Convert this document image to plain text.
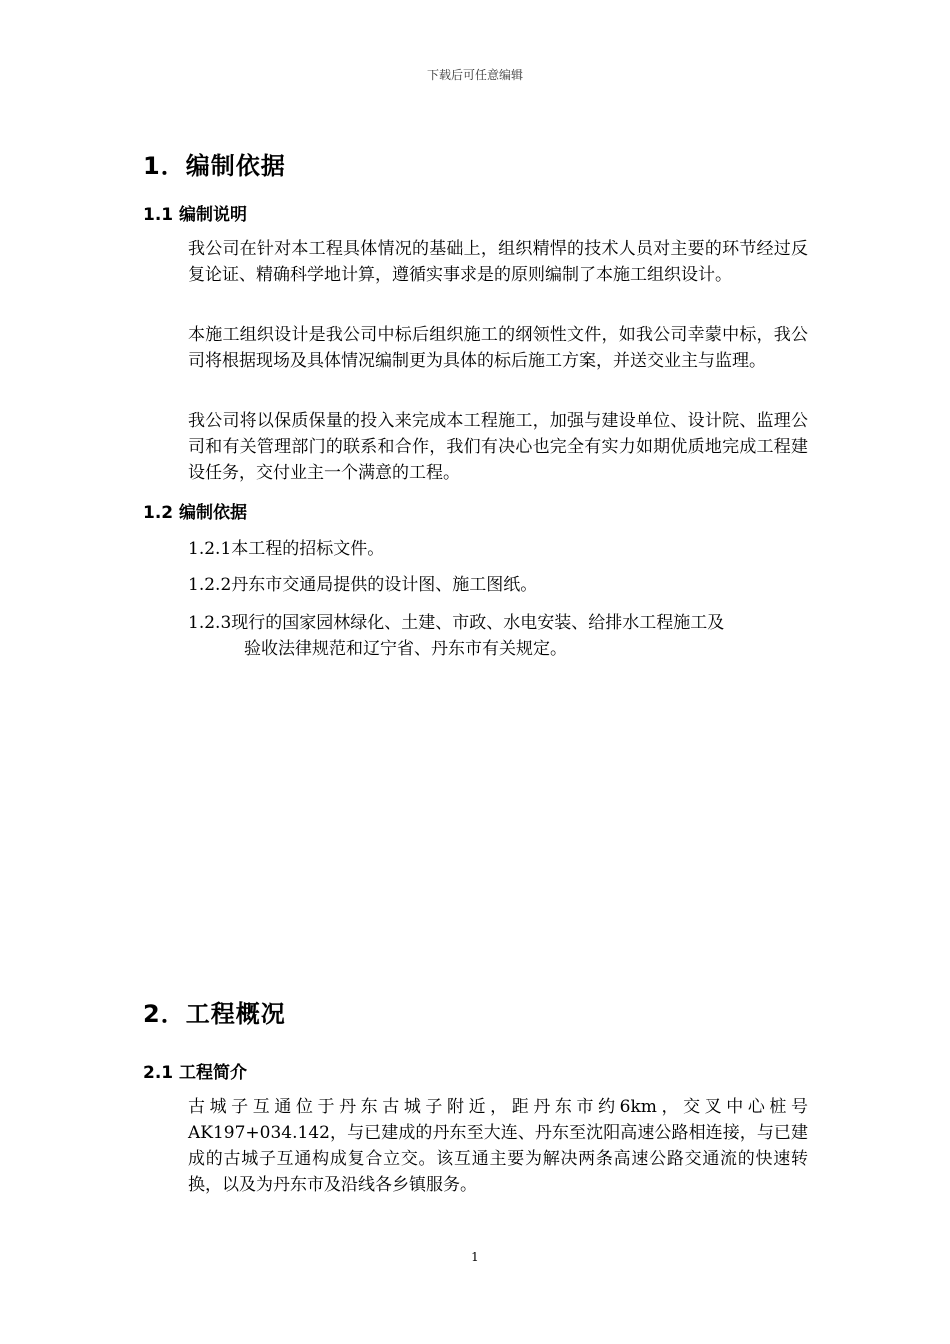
下载后可任意编辑
1．编制依据
1.1 编制说明
我公司在针对本工程具体情况的基础上，组织精悍的技术人员对主要的环节经过反复论证、精确科学地计算，遵循实事求是的原则编制了本施工组织设计。
本施工组织设计是我公司中标后组织施工的纲领性文件，如我公司幸蒙中标，我公司将根据现场及具体情况编制更为具体的标后施工方案，并送交业主与监理。
我公司将以保质保量的投入来完成本工程施工，加强与建设单位、设计院、监理公司和有关管理部门的联系和合作，我们有决心也完全有实力如期优质地完成工程建设任务，交付业主一个满意的工程。
1.2 编制依据
1.2.1本工程的招标文件。
1.2.2丹东市交通局提供的设计图、施工图纸。
1.2.3现行的国家园林绿化、土建、市政、水电安装、给排水工程施工及
验收法律规范和辽宁省、丹东市有关规定。
2．工程概况
2.1 工程简介
古城子互通位于丹东古城子附近，距丹东市约6km，交叉中心桩号AK197+034.142，与已建成的丹东至大连、丹东至沈阳高速公路相连接，与已建成的古城子互通构成复合立交。该互通主要为解决两条高速公路交通流的快速转换，以及为丹东市及沿线各乡镇服务。
1
